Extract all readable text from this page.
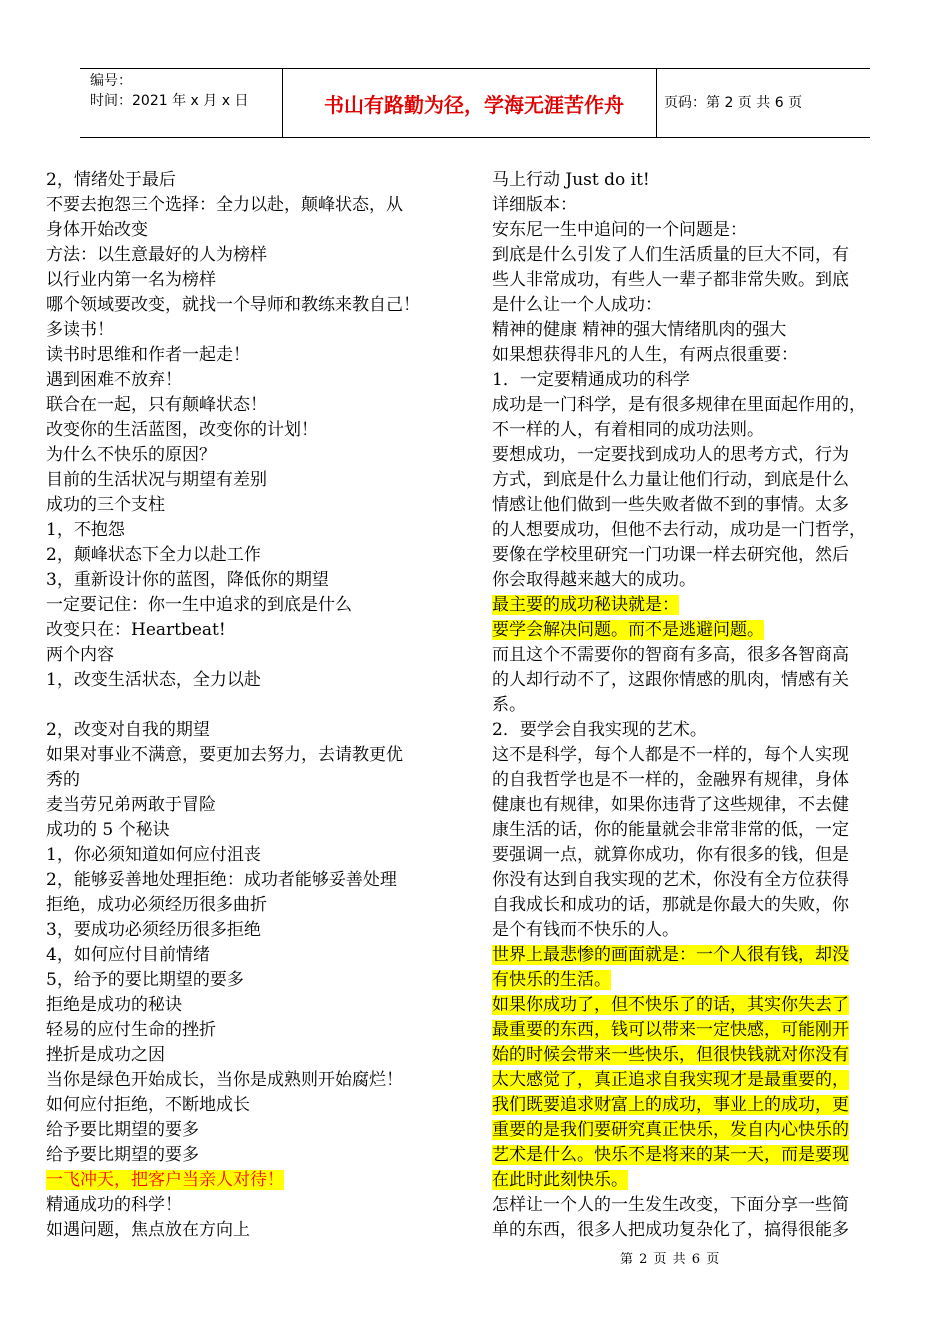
编号：
时间：2021 年 x 月 x 日	书山有路勤为径，学海无涯苦作舟	页码：第 2 页 共 6 页
2，情绪处于最后
不要去抱怨三个选择：全力以赴，颠峰状态，从
身体开始改变
方法：以生意最好的人为榜样
以行业内第一名为榜样
哪个领域要改变，就找一个导师和教练来教自己！
多读书！
读书时思维和作者一起走！
遇到困难不放弃！
联合在一起，只有颠峰状态！
改变你的生活蓝图，改变你的计划！
为什么不快乐的原因？
目前的生活状况与期望有差别
成功的三个支柱
1，不抱怨
2，颠峰状态下全力以赴工作
3，重新设计你的蓝图，降低你的期望
一定要记住：你一生中追求的到底是什么
改变只在：Heartbeat!
两个内容
1，改变生活状态，全力以赴
2，改变对自我的期望
如果对事业不满意，要更加去努力，去请教更优
秀的
麦当劳兄弟两敢于冒险
成功的 5 个秘诀
1，你必须知道如何应付沮丧
2，能够妥善地处理拒绝：成功者能够妥善处理
拒绝，成功必须经历很多曲折
3，要成功必须经历很多拒绝
4，如何应付目前情绪
5，给予的要比期望的要多
拒绝是成功的秘诀
轻易的应付生命的挫折
挫折是成功之因
当你是绿色开始成长，当你是成熟则开始腐烂！
如何应付拒绝，不断地成长
给予要比期望的要多
给予要比期望的要多
一飞冲天，把客户当亲人对待！
精通成功的科学！
如遇问题，焦点放在方向上
马上行动 Just do it!
详细版本：
安东尼一生中追问的一个问题是：
到底是什么引发了人们生活质量的巨大不同，有
些人非常成功，有些人一辈子都非常失败。到底
是什么让一个人成功：
精神的健康 精神的强大情绪肌肉的强大
如果想获得非凡的人生，有两点很重要：
1．一定要精通成功的科学
成功是一门科学，是有很多规律在里面起作用的，
不一样的人，有着相同的成功法则。
要想成功，一定要找到成功人的思考方式，行为
方式，到底是什么力量让他们行动，到底是什么
情感让他们做到一些失败者做不到的事情。太多
的人想要成功，但他不去行动，成功是一门哲学，
要像在学校里研究一门功课一样去研究他，然后
你会取得越来越大的成功。
最主要的成功秘诀就是：
要学会解决问题。而不是逃避问题。
而且这个不需要你的智商有多高，很多各智商高
的人却行动不了，这跟你情感的肌肉，情感有关
系。
2．要学会自我实现的艺术。
这不是科学，每个人都是不一样的，每个人实现
的自我哲学也是不一样的，金融界有规律，身体
健康也有规律，如果你违背了这些规律，不去健
康生活的话，你的能量就会非常非常的低，一定
要强调一点，就算你成功，你有很多的钱，但是
你没有达到自我实现的艺术，你没有全方位获得
自我成长和成功的话，那就是你最大的失败，你
是个有钱而不快乐的人。
世界上最悲惨的画面就是：一个人很有钱，却没
有快乐的生活。
如果你成功了，但不快乐了的话，其实你失去了
最重要的东西，钱可以带来一定快感，可能刚开
始的时候会带来一些快乐，但很快钱就对你没有
太大感觉了，真正追求自我实现才是最重要的，
我们既要追求财富上的成功，事业上的成功，更
重要的是我们要研究真正快乐，发自内心快乐的
艺术是什么。快乐不是将来的某一天，而是要现
在此时此刻快乐。
怎样让一个人的一生发生改变，下面分享一些简
单的东西，很多人把成功复杂化了，搞得很能多
第 2 页 共 6 页
